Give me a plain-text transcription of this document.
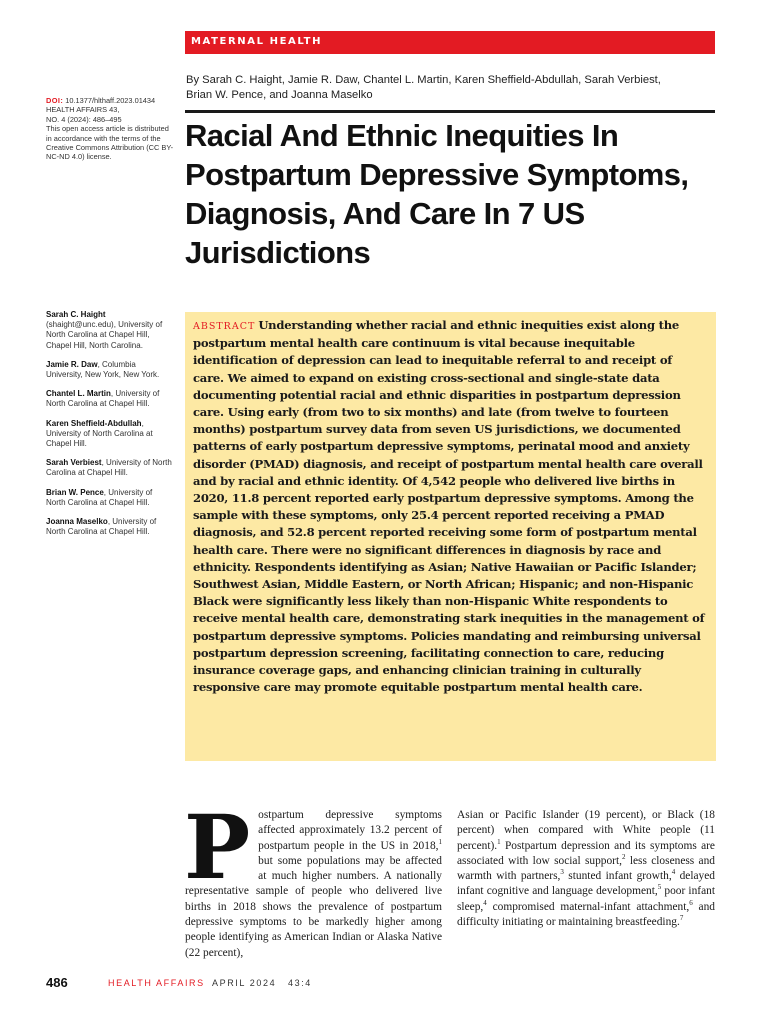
MATERNAL HEALTH
By Sarah C. Haight, Jamie R. Daw, Chantel L. Martin, Karen Sheffield-Abdullah, Sarah Verbiest,
Brian W. Pence, and Joanna Maselko
Racial And Ethnic Inequities In Postpartum Depressive Symptoms, Diagnosis, And Care In 7 US Jurisdictions
DOI: 10.1377/hlthaff.2023.01434
HEALTH AFFAIRS 43,
NO. 4 (2024): 486–495
This open access article is distributed in accordance with the terms of the Creative Commons Attribution (CC BY-NC-ND 4.0) license.
Sarah C. Haight (shaight@unc.edu), University of North Carolina at Chapel Hill, Chapel Hill, North Carolina.
Jamie R. Daw, Columbia University, New York, New York.
Chantel L. Martin, University of North Carolina at Chapel Hill.
Karen Sheffield-Abdullah, University of North Carolina at Chapel Hill.
Sarah Verbiest, University of North Carolina at Chapel Hill.
Brian W. Pence, University of North Carolina at Chapel Hill.
Joanna Maselko, University of North Carolina at Chapel Hill.

ABSTRACT Understanding whether racial and ethnic inequities exist along the postpartum mental health care continuum is vital because inequitable identification of depression can lead to inequitable referral to and receipt of care. We aimed to expand on existing cross-sectional and single-state data documenting potential racial and ethnic disparities in postpartum depression care. Using early (from two to six months) and late (from twelve to fourteen months) postpartum survey data from seven US jurisdictions, we documented patterns of early postpartum depressive symptoms, perinatal mood and anxiety disorder (PMAD) diagnosis, and receipt of postpartum mental health care overall and by racial and ethnic identity. Of 4,542 people who delivered live births in 2020, 11.8 percent reported early postpartum depressive symptoms. Among the sample with these symptoms, only 25.4 percent reported receiving a PMAD diagnosis, and 52.8 percent reported receiving some form of postpartum mental health care. There were no significant differences in diagnosis by race and ethnicity. Respondents identifying as Asian; Native Hawaiian or Pacific Islander; Southwest Asian, Middle Eastern, or North African; Hispanic; and non-Hispanic Black were significantly less likely than non-Hispanic White respondents to receive mental health care, demonstrating stark inequities in the management of postpartum depressive symptoms. Policies mandating and reimbursing universal postpartum depression screening, facilitating connection to care, reducing insurance coverage gaps, and enhancing clinician training in culturally responsive care may promote equitable postpartum mental health care.

Postpartum depressive symptoms affected approximately 13.2 percent of postpartum people in the US in 2018,$^1$ but some populations may be affected at much higher numbers. A nationally representative sample of people who delivered live births in 2018 shows the prevalence of postpartum depressive symptoms to be markedly higher among people identifying as American Indian or Alaska Native (22 percent),
Asian or Pacific Islander (19 percent), or Black (18 percent) when compared with White people (11 percent).$^1$ Postpartum depression and its symptoms are associated with low social support,$^2$ less closeness and warmth with partners,$^3$ stunted infant growth,$^4$ delayed infant cognitive and language development,$^5$ poor infant sleep,$^4$ compromised maternal-infant attachment,$^6$ and difficulty initiating or maintaining breastfeeding.$^7$
486	HEALTH AFFAIRS APRIL 2024 43:4
